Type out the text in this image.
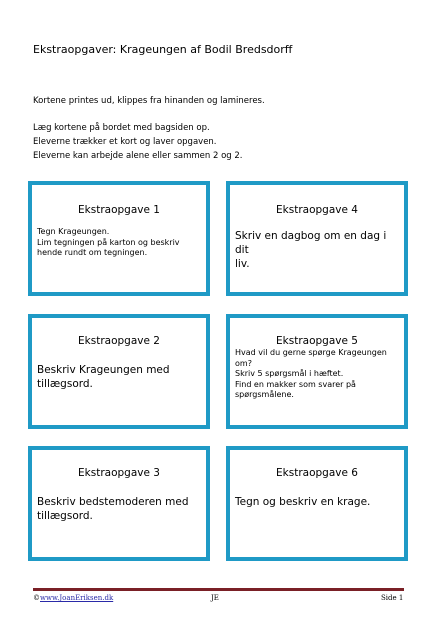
Ekstraopgaver: Krageungen af Bodil Bredsdorff
Kortene printes ud, klippes fra hinanden og lamineres.
Læg kortene på bordet med bagsiden op.
Eleverne trækker et kort og laver opgaven.
Eleverne kan arbejde alene eller sammen 2 og 2.
Ekstraopgave 1
Tegn Krageungen.
Lim tegningen på karton og beskriv
hende rundt om tegningen.
Ekstraopgave 4
Skriv en dagbog om en dag i dit
liv.
Ekstraopgave 2
Beskriv Krageungen med
tillægsord.
Ekstraopgave 5
Hvad vil du gerne spørge Krageungen
om?
Skriv 5 spørgsmål i hæftet.
Find en makker som svarer på
spørgsmålene.
Ekstraopgave 3
Beskriv bedstemoderen med
tillægsord.
Ekstraopgave 6
Tegn og beskriv en krage.
©www.JoanEriksen.dk	JE	Side 1
